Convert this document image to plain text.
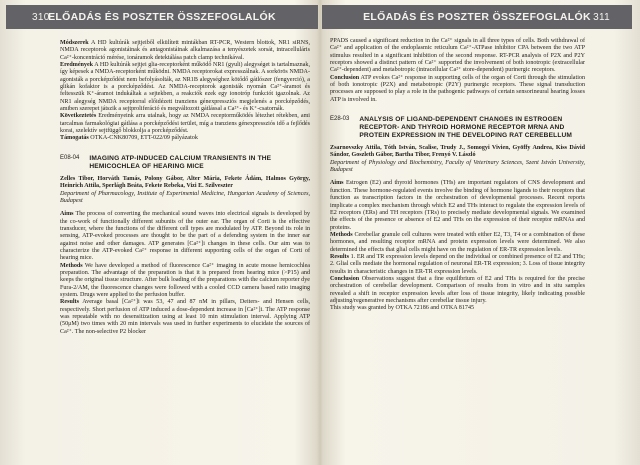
310
ELŐADÁS ÉS POSZTER ÖSSZEFOGLALÓK

Módszerek A HD kultúrák sejtjeiből elkülített mintákban RT-PCR, Western blottok, NR1 siRNS, NMDA receptorok agonistáinak és antagonistáinak alkalmazása a tenyészetek sorsát, intracelluláris Ca²⁺-koncentráció mérése, ionáramok detektálása patch clamp technikával.

Eredmények A HD kultúrák sejtjei glia-receptorként működő NR1 (gyuli) alegységet is tartalmaznak, így képesek a NMDA-receptorként működni. NMDA receptorokat expresszálnak. A sorkörös NMDA-agonisták a porcképződést nem befolyásolták, az NR1B alegységhez kötődő gátlószer (fengyerció), a glikán kofaktor is a porcképződést. Az NMDA-receptorok agonisták nyomán Ca²⁺-áramot és feltesszük K⁺-áramot indukáltak a sejtekben, a reakciók ezek egy ionotróp funkciót igazolnak. Az NR1 alegység NMDA receptorral előidézett tranziens génexpressziós megjelenés a porcképződés, amiben szerepet játszik a sejtproliferáció és megváltozott gátlással a Ca²⁺- és K⁺-csatornák.

Következtetés Eredményeink arra utalnak, hogy az NMDA receptorműködés létezhet rétekben, ami tarcalmas farmakológiai gátlása a porcképződési terület, míg a tranziens génexpressziós idő a fejlődés korai, szelektív sejtfüggő blokkolja a porcképződést.

Támogatás OTKA-CNK80709, ETT-022/09 pályázatok

E08-04 IMAGING ATP-INDUCED CALCIUM TRANSIENTS IN THE HEMICOCHLEA OF HEARING MICE

Zelles Tibor, Horváth Tamás, Polony Gábor, Alter Mária, Fekete Ádám, Halmos György, Heinrich Attila, Sperlágh Beáta, Fekete Rebeka, Vizi E. Szilveszter

Department of Pharmacology, Institute of Experimental Medicine, Hungarian Academy of Sciences, Budapest

Aims The process of converting the mechanical sound waves into electrical signals is developed by the co-work of functionally different subunits of the outer ear. The organ of Corti is the effective transducer, where the functions of the different cell types are modulated by ATP. Beyond its role in sensing, ATP-evoked processes are thought to be the part of a defending system in the inner ear against noise and other damages. ATP generates [Ca²⁺]i changes in these cells. Our aim was to characterize the ATP-evoked Ca²⁺ response in different supporting cells of the organ of Corti of hearing mice.

Methods We have developed a method of fluorescence Ca²⁺ imaging in acute mouse hemicochlea preparation. The advantage of the preparation is that it is prepared from hearing mice (>P15) and keeps the original tissue structure. After bulk loading of the preparations with the calcium reporter dye Fura-2/AM, the fluorescence changes were followed with a cooled CCD camera based ratio imaging system. Drugs were applied to the perfusion buffer.

Results Average basal [Ca²⁺]i was 53, 47 and 87 nM in pillars, Deiters- and Hensen cells, respectively. Short perfusion of ATP induced a dose-dependent increase in [Ca²⁺]i. The ATP response was repeatable with no desensitization using at least 10 min stimulation interval. Applying ATP (50μM) two times with 20 min intervals was used in further experiments to elucidate the sources of Ca²⁺. The non-selective P2 blocker

ELŐADÁS ÉS POSZTER ÖSSZEFOGLALÓK 311

PPADS caused a significant reduction in the Ca²⁺ signals in all three types of cells. Both withdrawal of Ca²⁺ and application of the endoplasmic reticulum Ca²⁺-ATPase inhibitor CPA between the two ATP stimulus resulted in a significant inhibition of the second response. RT-PCR analysis of P2X and P2Y receptors showed a distinct pattern of Ca²⁺ supported the involvement of both ionotropic (extracellular Ca²⁺-dependent) and metabotropic (intracellular Ca²⁺ store-dependent) purinergic receptors.

Conclusion ATP evokes Ca²⁺ response in supporting cells of the organ of Corti through the stimulation of both ionotropic (P2X) and metabotropic (P2Y) purinergic receptors. These signal transduction processes are supposed to play a role in the pathogenic pathways of certain sensorineural hearing losses ATP is involved in.

E28-03 ANALYSIS OF LIGAND-DEPENDENT CHANGES IN ESTROGEN RECEPTOR- AND THYROID HORMONE RECEPTOR MRNA AND PROTEIN EXPRESSION IN THE DEVELOPING RAT CEREBELLUM

Zsarnovszky Attila, Tóth István, Scalise, Trudy J., Somogyi Vivien, Gyöffy Andrea, Kiss Dávid Sándor, Goszleth Gábor, Bartha Tibor, Frenyó V. László

Department of Physiology and Biochemistry, Faculty of Veterinary Sciences, Szent István University, Budapest

Aims Estrogen (E2) and thyroid hormones (THs) are important regulators of CNS development and function. These hormone-regulated events involve the binding of hormone ligands to their receptors that function as transcription factors in the orchestration of developmental processes. Recent reports implicate a complex mechanism through which E2 and THs interact to regulate the expression levels of E2 receptors (ERs) and TH receptors (TRs) to precisely mediate developmental signals. We examined the effects of the presence or absence of E2 and THs on the expression of their receptor mRNAs and proteins.

Methods Cerebellar granule cell cultures were treated with either E2, T3, T4 or a combination of these hormones, and resulting receptor mRNA and protein expression levels were determined. We also determined the effects that glial cells might have on the regulation of ER-TR expression levels.

Results 1. ER and TR expression levels depend on the individual or combined presence of E2 and THs; 2. Glial cells mediate the hormonal regulation of neuronal ER-TR expression; 3. Loss of tissue integrity results in characteristic changes in ER-TR expression levels.

Conclusion Observations suggest that a fine equilibrium of E2 and THs is required for the precise orchestration of cerebellar development. Comparison of results from in vitro and in situ samples revealed a shift in receptor expression levels after loss of tissue integrity, likely indicating possible adjusting/regenerative mechanisms after cerebellar tissue injury.

This study was granted by OTKA 72186 and OTKA 81745
